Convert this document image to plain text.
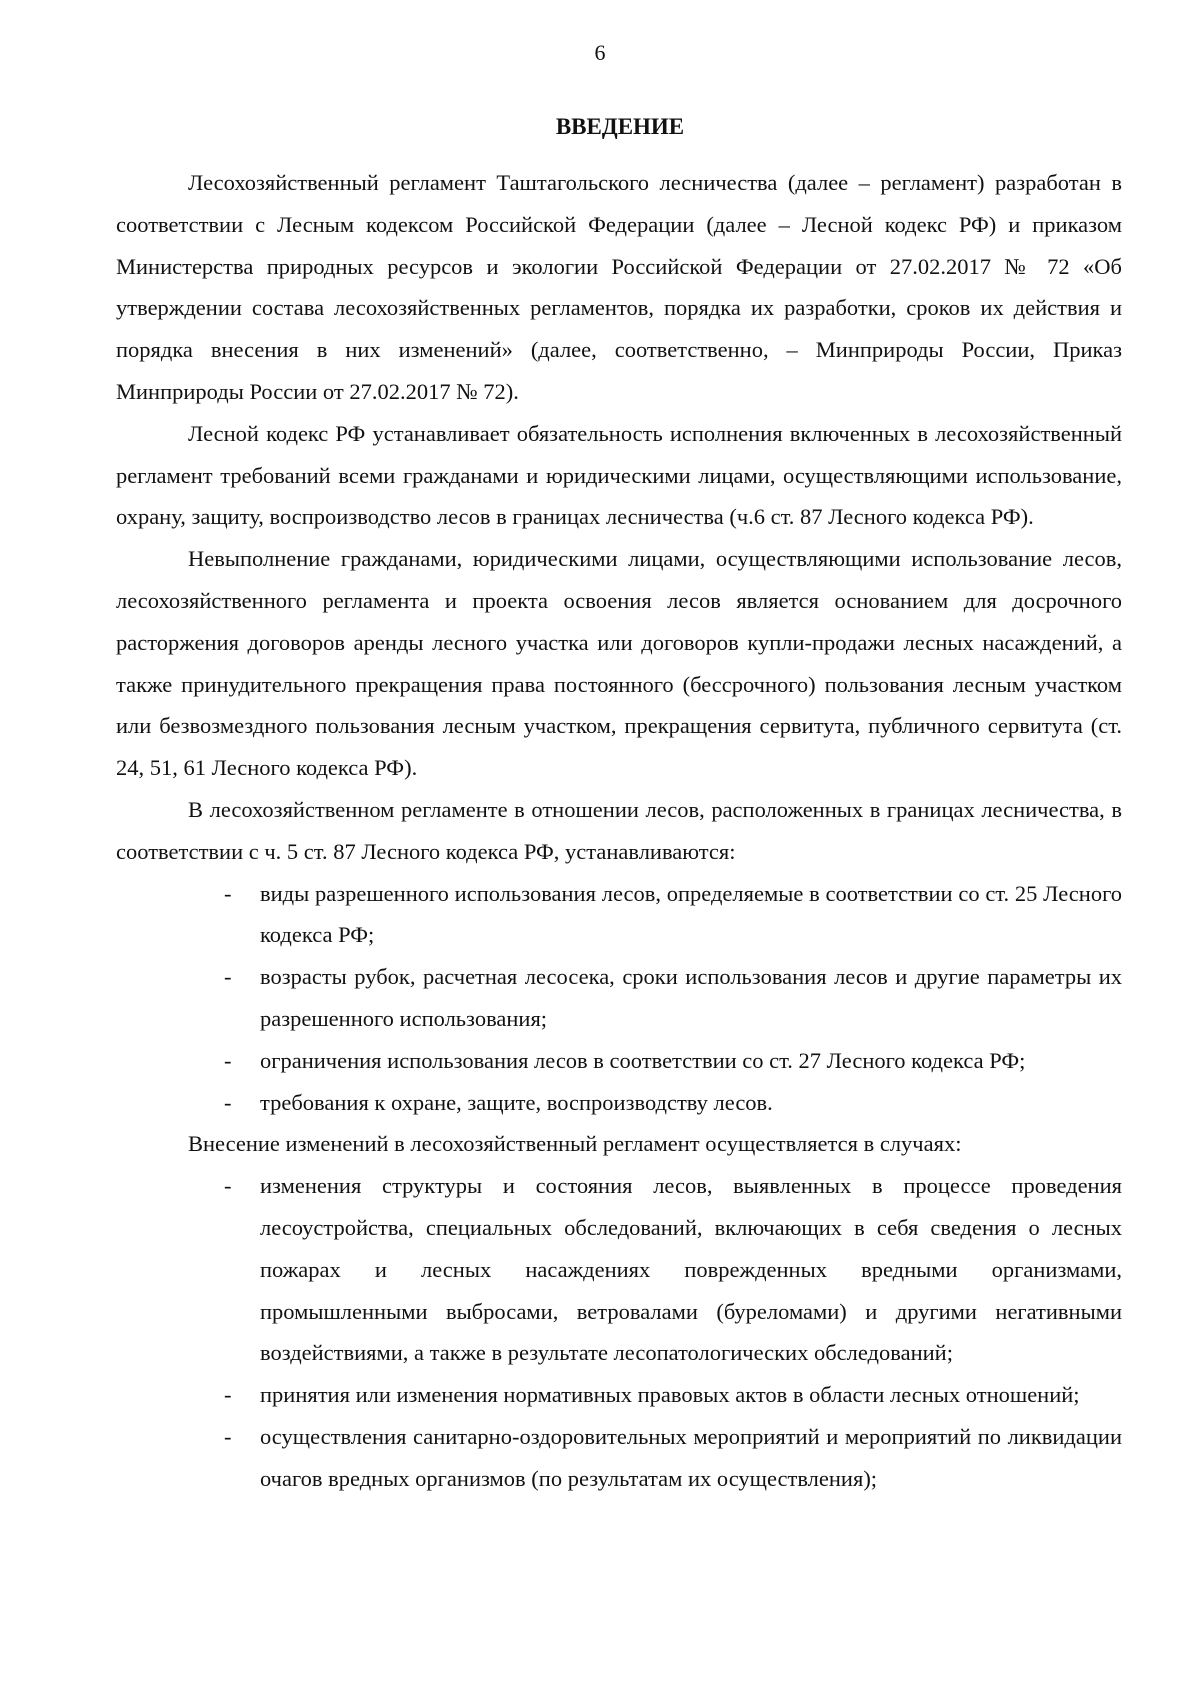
6
ВВЕДЕНИЕ

Лесохозяйственный регламент Таштагольского лесничества (далее – регламент) разработан в соответствии с Лесным кодексом Российской Федерации (далее – Лесной кодекс РФ) и приказом Министерства природных ресурсов и экологии Российской Федерации от 27.02.2017 № 72 «Об утверждении состава лесохозяйственных регламентов, порядка их разработки, сроков их действия и порядка внесения в них изменений» (далее, соответственно, – Минприроды России, Приказ Минприроды России от 27.02.2017 № 72).

Лесной кодекс РФ устанавливает обязательность исполнения включенных в лесохозяйственный регламент требований всеми гражданами и юридическими лицами, осуществляющими использование, охрану, защиту, воспроизводство лесов в границах лесничества (ч.6 ст. 87 Лесного кодекса РФ).

Невыполнение гражданами, юридическими лицами, осуществляющими использование лесов, лесохозяйственного регламента и проекта освоения лесов является основанием для досрочного расторжения договоров аренды лесного участка или договоров купли-продажи лесных насаждений, а также принудительного прекращения права постоянного (бессрочного) пользования лесным участком или безвозмездного пользования лесным участком, прекращения сервитута, публичного сервитута (ст. 24, 51, 61 Лесного кодекса РФ).

В лесохозяйственном регламенте в отношении лесов, расположенных в границах лесничества, в соответствии с ч. 5 ст. 87 Лесного кодекса РФ, устанавливаются:

- виды разрешенного использования лесов, определяемые в соответствии со ст. 25 Лесного кодекса РФ;
- возрасты рубок, расчетная лесосека, сроки использования лесов и другие параметры их разрешенного использования;
- ограничения использования лесов в соответствии со ст. 27 Лесного кодекса РФ;
- требования к охране, защите, воспроизводству лесов.

Внесение изменений в лесохозяйственный регламент осуществляется в случаях:

- изменения структуры и состояния лесов, выявленных в процессе проведения лесоустройства, специальных обследований, включающих в себя сведения о лесных пожарах и лесных насаждениях поврежденных вредными организмами, промышленными выбросами, ветровалами (буреломами) и другими негативными воздействиями, а также в результате лесопатологических обследований;
- принятия или изменения нормативных правовых актов в области лесных отношений;
- осуществления санитарно-оздоровительных мероприятий и мероприятий по ликвидации очагов вредных организмов (по результатам их осуществления);
